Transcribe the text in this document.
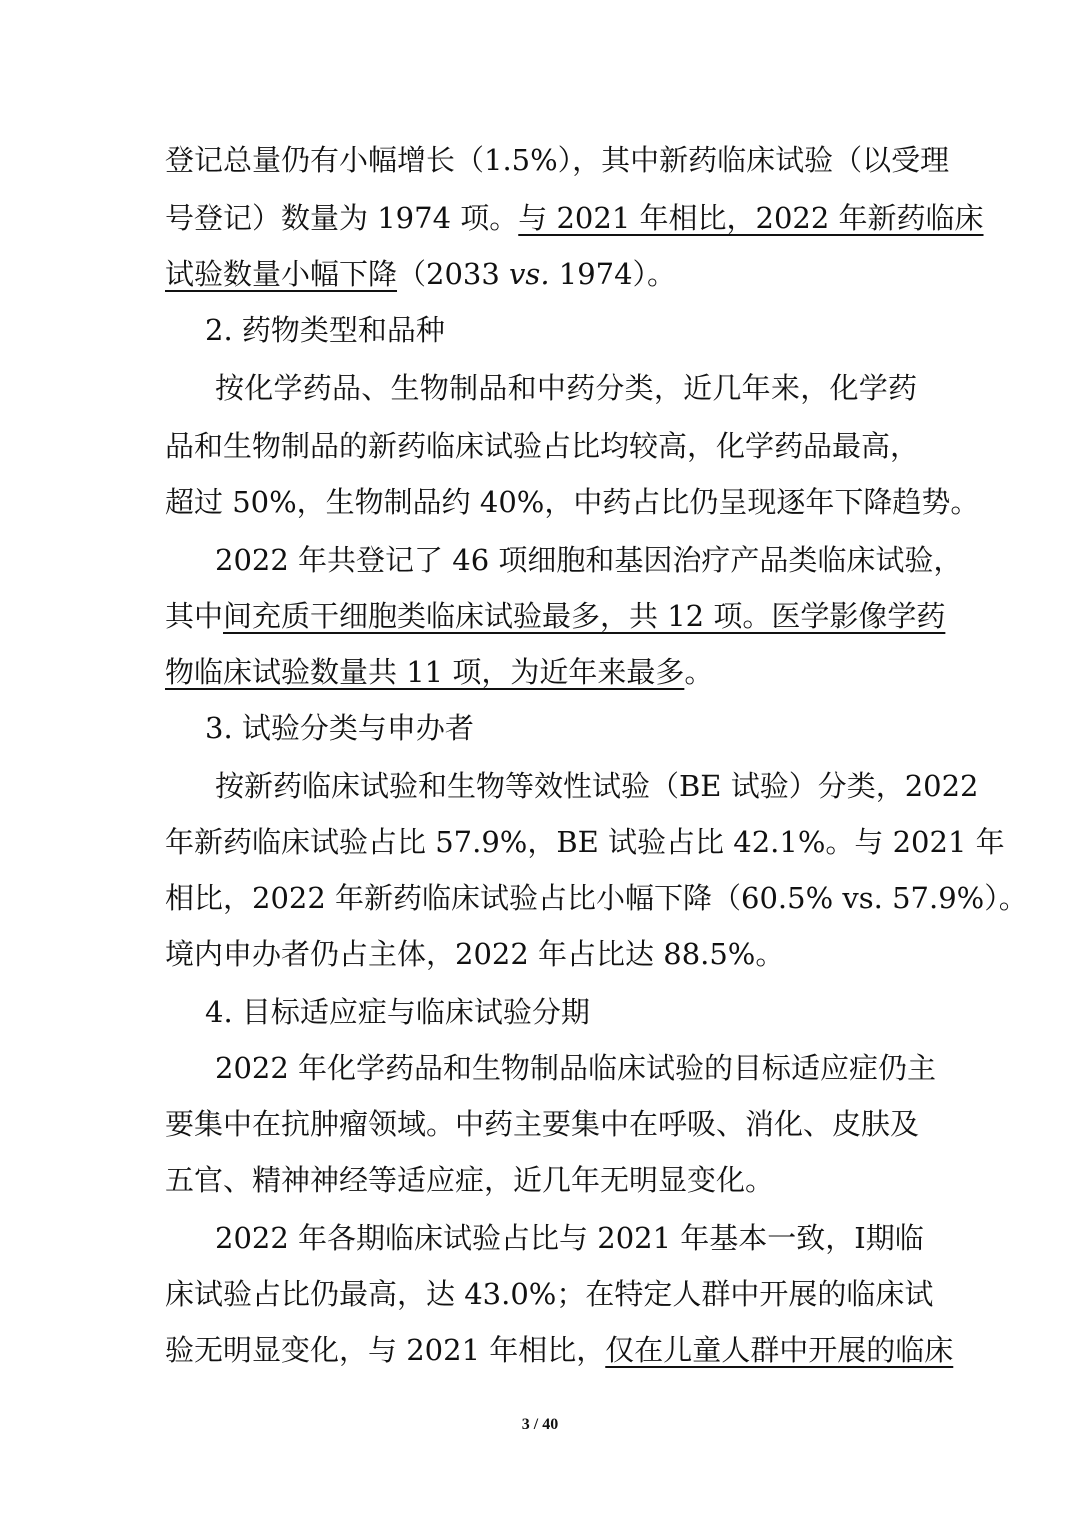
登记总量仍有小幅增长（1.5%），其中新药临床试验（以受理
号登记）数量为 1974 项。与 2021 年相比，2022 年新药临床
试验数量小幅下降（2033 vs. 1974）。
2. 药物类型和品种
按化学药品、生物制品和中药分类，近几年来，化学药
品和生物制品的新药临床试验占比均较高，化学药品最高，
超过 50%，生物制品约 40%，中药占比仍呈现逐年下降趋势。
2022 年共登记了 46 项细胞和基因治疗产品类临床试验，
其中间充质干细胞类临床试验最多，共 12 项。医学影像学药
物临床试验数量共 11 项，为近年来最多。
3. 试验分类与申办者
按新药临床试验和生物等效性试验（BE 试验）分类，2022
年新药临床试验占比 57.9%，BE 试验占比 42.1%。与 2021 年
相比，2022 年新药临床试验占比小幅下降（60.5% vs. 57.9%）。
境内申办者仍占主体，2022 年占比达 88.5%。
4. 目标适应症与临床试验分期
2022 年化学药品和生物制品临床试验的目标适应症仍主
要集中在抗肿瘤领域。中药主要集中在呼吸、消化、皮肤及
五官、精神神经等适应症，近几年无明显变化。
2022 年各期临床试验占比与 2021 年基本一致，Ⅰ期临
床试验占比仍最高，达 43.0%；在特定人群中开展的临床试
验无明显变化，与 2021 年相比，仅在儿童人群中开展的临床
3 / 40
